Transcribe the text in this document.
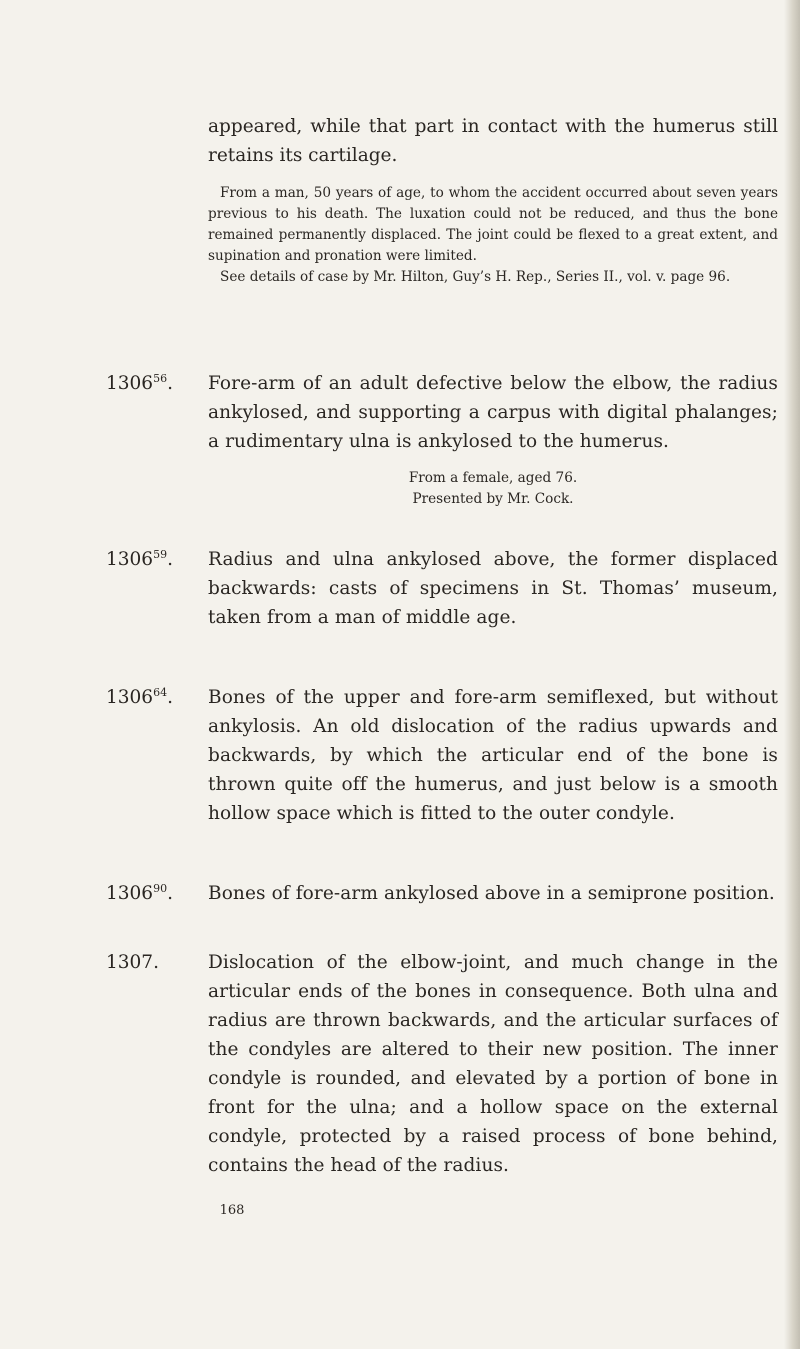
appeared, while that part in contact with the humerus still retains its cartilage.

From a man, 50 years of age, to whom the accident occurred about seven years previous to his death. The luxation could not be reduced, and thus the bone remained permanently displaced. The joint could be flexed to a great extent, and supination and pronation were limited.

See details of case by Mr. Hilton, Guy’s H. Rep., Series II., vol. v. page 96.

1306$^{56}$. Fore-arm of an adult defective below the elbow, the radius ankylosed, and supporting a carpus with digital phalanges; a rudimentary ulna is ankylosed to the humerus.
From a female, aged 76.
Presented by Mr. Cock.
1306$^{59}$. Radius and ulna ankylosed above, the former displaced backwards: casts of specimens in St. Thomas’ museum, taken from a man of middle age.
1306$^{64}$. Bones of the upper and fore-arm semiflexed, but without ankylosis. An old dislocation of the radius upwards and backwards, by which the articular end of the bone is thrown quite off the humerus, and just below is a smooth hollow space which is fitted to the outer condyle.
1306$^{90}$. Bones of fore-arm ankylosed above in a semiprone position.
1307.	Dislocation of the elbow-joint, and much change in the articular ends of the bones in consequence. Both ulna and radius are thrown backwards, and the articular surfaces of the condyles are altered to their new position. The inner condyle is rounded, and elevated by a portion of bone in front for the ulna; and a hollow space on the external condyle, protected by a raised process of bone behind, contains the head of the radius.
168
